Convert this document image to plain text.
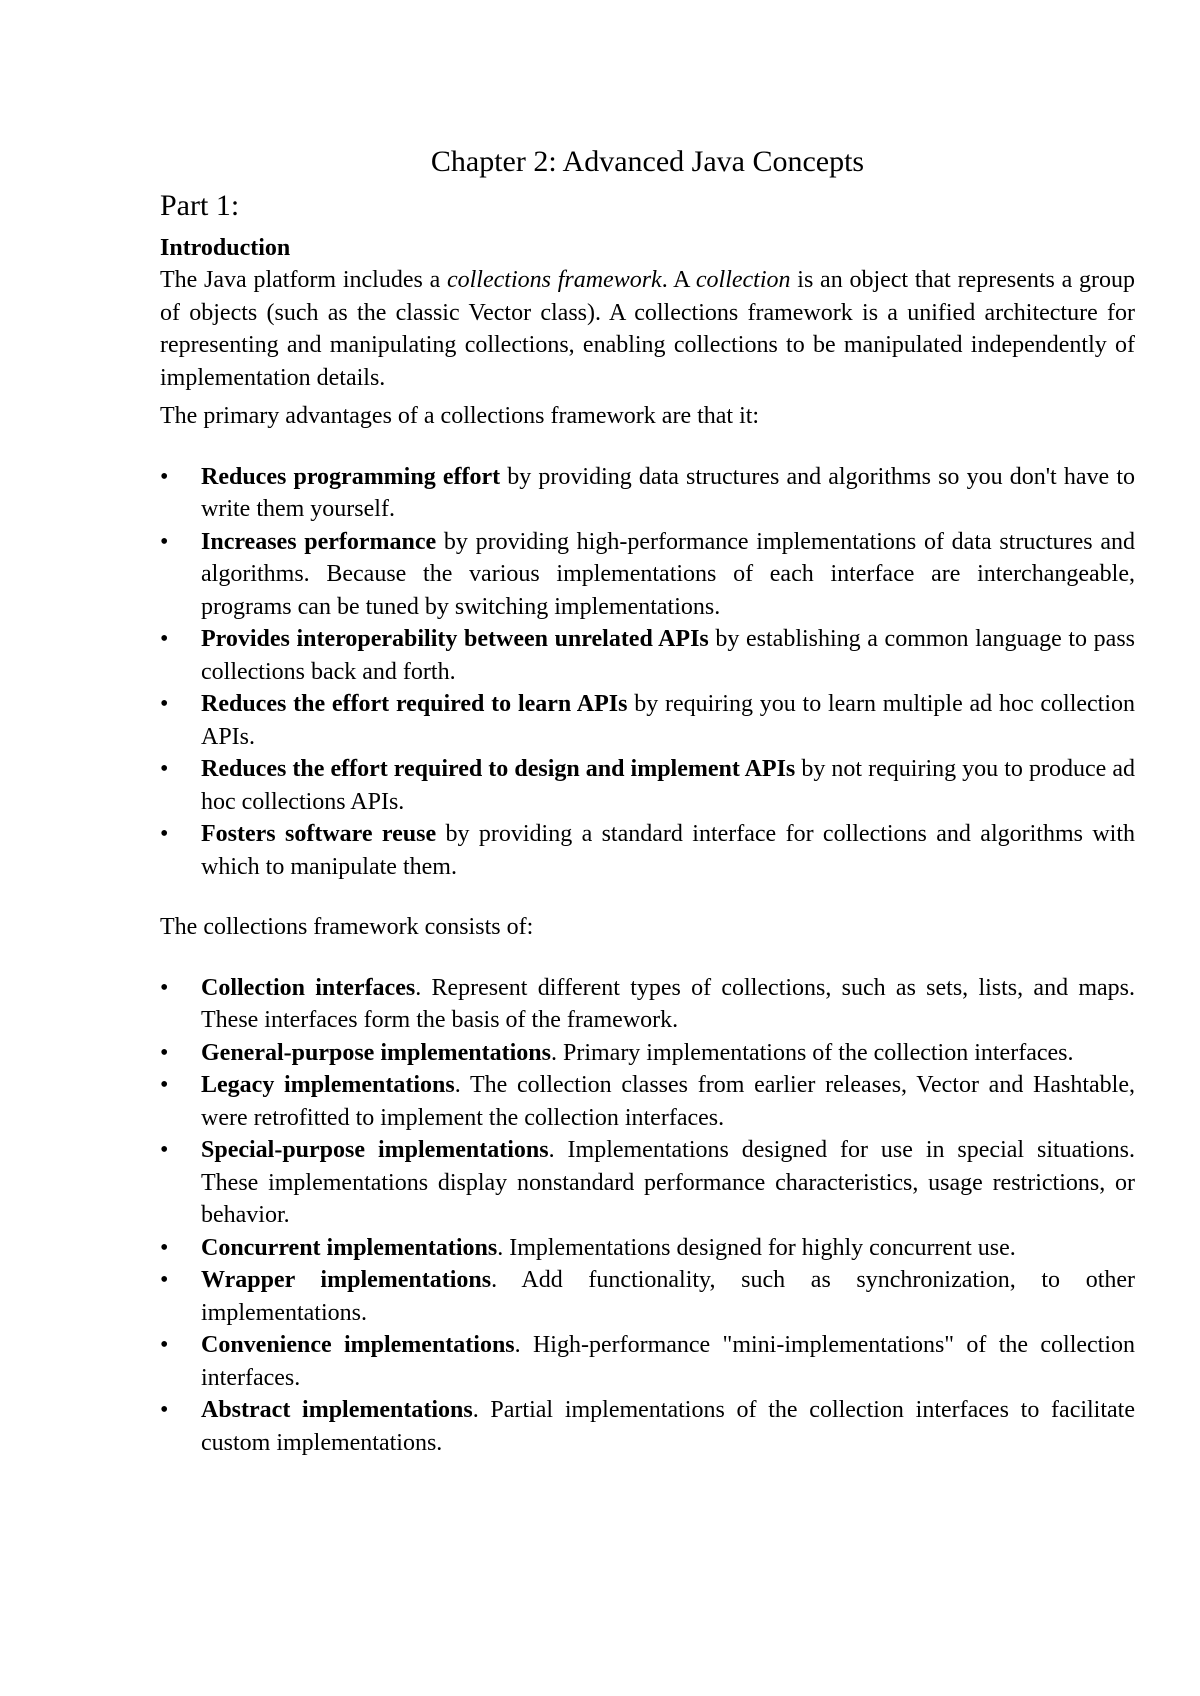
Chapter 2: Advanced Java Concepts
Part 1:
Introduction

The Java platform includes a collections framework. A collection is an object that represents a group of objects (such as the classic Vector class). A collections framework is a unified architecture for representing and manipulating collections, enabling collections to be manipulated independently of implementation details.

The primary advantages of a collections framework are that it:

•	Reduces programming effort by providing data structures and algorithms so you don't have to write them yourself.
•	Increases performance by providing high-performance implementations of data structures and algorithms. Because the various implementations of each interface are interchangeable, programs can be tuned by switching implementations.
•	Provides interoperability between unrelated APIs by establishing a common language to pass collections back and forth.
•	Reduces the effort required to learn APIs by requiring you to learn multiple ad hoc collection APIs.
•	Reduces the effort required to design and implement APIs by not requiring you to produce ad hoc collections APIs.
•	Fosters software reuse by providing a standard interface for collections and algorithms with which to manipulate them.

The collections framework consists of:

•	Collection interfaces. Represent different types of collections, such as sets, lists, and maps. These interfaces form the basis of the framework.
•	General-purpose implementations. Primary implementations of the collection interfaces.
•	Legacy implementations. The collection classes from earlier releases, Vector and Hashtable, were retrofitted to implement the collection interfaces.
•	Special-purpose implementations. Implementations designed for use in special situations. These implementations display nonstandard performance characteristics, usage restrictions, or behavior.
•	Concurrent implementations. Implementations designed for highly concurrent use.
•	Wrapper implementations. Add functionality, such as synchronization, to other implementations.
•	Convenience implementations. High-performance "mini-implementations" of the collection interfaces.
•	Abstract implementations. Partial implementations of the collection interfaces to facilitate custom implementations.
